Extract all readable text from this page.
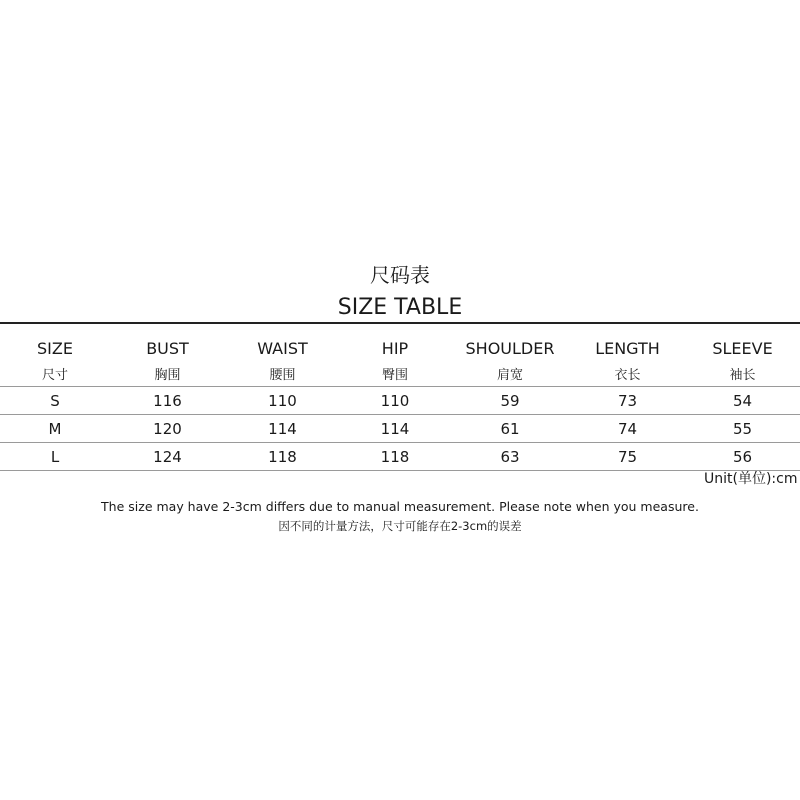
尺码表
SIZE TABLE
SIZE	BUST	WAIST	HIP	SHOULDER	LENGTH	SLEEVE
尺寸	胸围	腰围	臀围	肩宽	衣长	袖长
S	116	110	110	59	73	54
M	120	114	114	61	74	55
L	124	118	118	63	75	56
Unit(单位):cm
The size may have 2-3cm differs due to manual measurement. Please note when you measure.
因不同的计量方法，尺寸可能存在2-3cm的误差
